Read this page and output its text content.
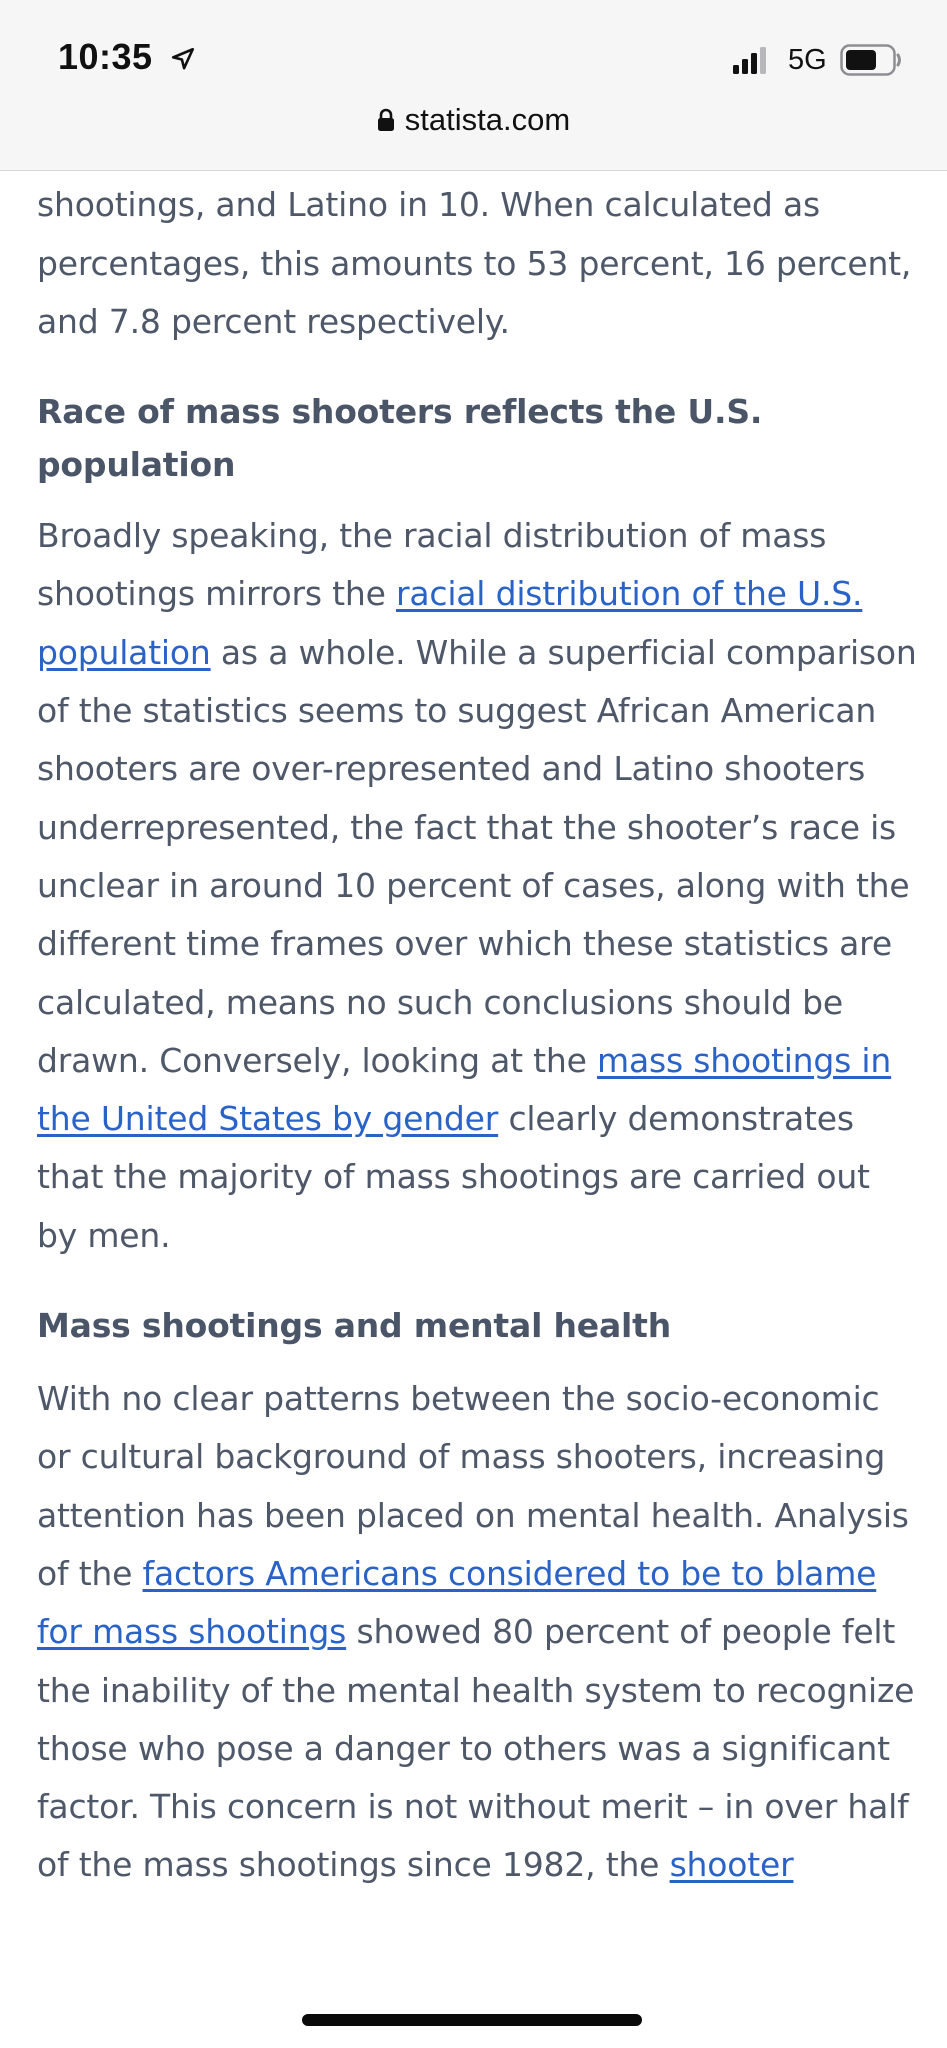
10:35	5G
statista.com

shootings, and Latino in 10. When calculated as percentages, this amounts to 53 percent, 16 percent, and 7.8 percent respectively.

Race of mass shooters reflects the U.S. population

Broadly speaking, the racial distribution of mass shootings mirrors the racial distribution of the U.S. population as a whole. While a superficial comparison of the statistics seems to suggest African American shooters are over-represented and Latino shooters underrepresented, the fact that the shooter’s race is unclear in around 10 percent of cases, along with the different time frames over which these statistics are calculated, means no such conclusions should be drawn. Conversely, looking at the mass shootings in the United States by gender clearly demonstrates that the majority of mass shootings are carried out by men.

Mass shootings and mental health

With no clear patterns between the socio-economic or cultural background of mass shooters, increasing attention has been placed on mental health. Analysis of the factors Americans considered to be to blame for mass shootings showed 80 percent of people felt the inability of the mental health system to recognize those who pose a danger to others was a significant factor. This concern is not without merit – in over half of the mass shootings since 1982, the shooter
